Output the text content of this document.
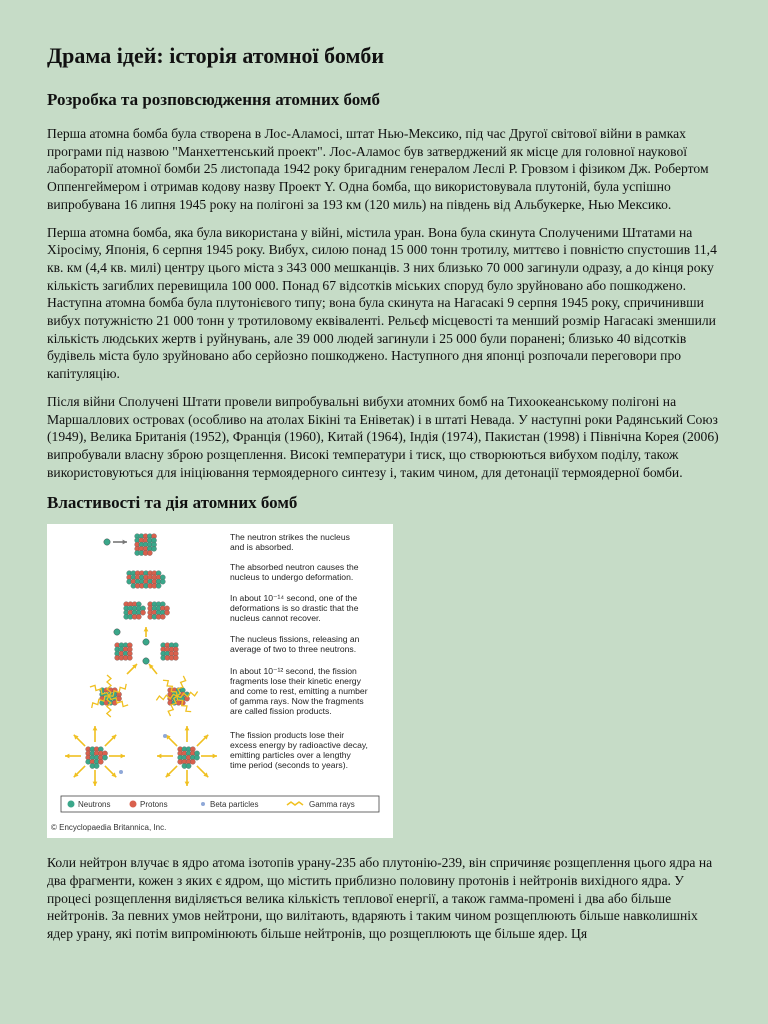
Драма ідей: історія атомної бомби
Розробка та розповсюдження атомних бомб

Перша атомна бомба була створена в Лос-Аламосі, штат Нью-Мексико, під час Другої світової війни в рамках програми під назвою "Манхеттенський проект". Лос-Аламос був затверджений як місце для головної наукової лабораторії атомної бомби 25 листопада 1942 року бригадним генералом Леслі Р. Гровзом і фізиком Дж. Робертом Оппенгеймером і отримав кодову назву Проект Y. Одна бомба, що використовувала плутоній, була успішно випробувана 16 липня 1945 року на полігоні за 193 км (120 миль) на південь від Альбукерке, Нью Мексико.

Перша атомна бомба, яка була використана у війні, містила уран. Вона була скинута Сполученими Штатами на Хіросіму, Японія, 6 серпня 1945 року. Вибух, силою понад 15 000 тонн тротилу, миттєво і повністю спустошив 11,4 кв. км (4,4 кв. милі) центру цього міста з 343 000 мешканців. З них близько 70 000 загинули одразу, а до кінця року кількість загиблих перевищила 100 000. Понад 67 відсотків міських споруд було зруйновано або пошкоджено. Наступна атомна бомба була плутонієвого типу; вона була скинута на Нагасакі 9 серпня 1945 року, спричинивши вибух потужністю 21 000 тонн у тротиловому еквіваленті. Рельєф місцевості та менший розмір Нагасакі зменшили кількість людських жертв і руйнувань, але 39 000 людей загинули і 25 000 були поранені; близько 40 відсотків будівель міста було зруйновано або серйозно пошкоджено. Наступного дня японці розпочали переговори про капітуляцію.

Після війни Сполучені Штати провели випробувальні вибухи атомних бомб на Тихоокеанському полігоні на Маршаллових островах (особливо на атолах Бікіні та Еніветак) і в штаті Невада. У наступні роки Радянський Союз (1949), Велика Британія (1952), Франція (1960), Китай (1964), Індія (1974), Пакистан (1998) і Північна Корея (2006) випробували власну зброю розщеплення. Високі температури і тиск, що створюються вибухом поділу, також використовуються для ініціювання термоядерного синтезу і, таким чином, для детонації термоядерної бомби.

Властивості та дія атомних бомб
The neutron strikes the nucleus
and is absorbed.
The absorbed neutron causes the
nucleus to undergo deformation.
In about 10⁻¹⁴ second, one of the
deformations is so drastic that the
nucleus cannot recover.
The nucleus fissions, releasing an
average of two to three neutrons.
In about 10⁻¹² second, the fission
fragments lose their kinetic energy
and come to rest, emitting a number
of gamma rays. Now the fragments
are called fission products.
The fission products lose their
excess energy by radioactive decay,
emitting particles over a lengthy
time period (seconds to years).
Neutrons	Protons	Beta particles	Gamma rays
© Encyclopaedia Britannica, Inc.

Коли нейтрон влучає в ядро атома ізотопів урану-235 або плутонію-239, він спричиняє розщеплення цього ядра на два фрагменти, кожен з яких є ядром, що містить приблизно половину протонів і нейтронів вихідного ядра. У процесі розщеплення виділяється велика кількість теплової енергії, а також гамма-промені і два або більше нейтронів. За певних умов нейтрони, що вилітають, вдаряють і таким чином розщеплюють більше навколишніх ядер урану, які потім випромінюють більше нейтронів, що розщеплюють ще більше ядер. Ця
